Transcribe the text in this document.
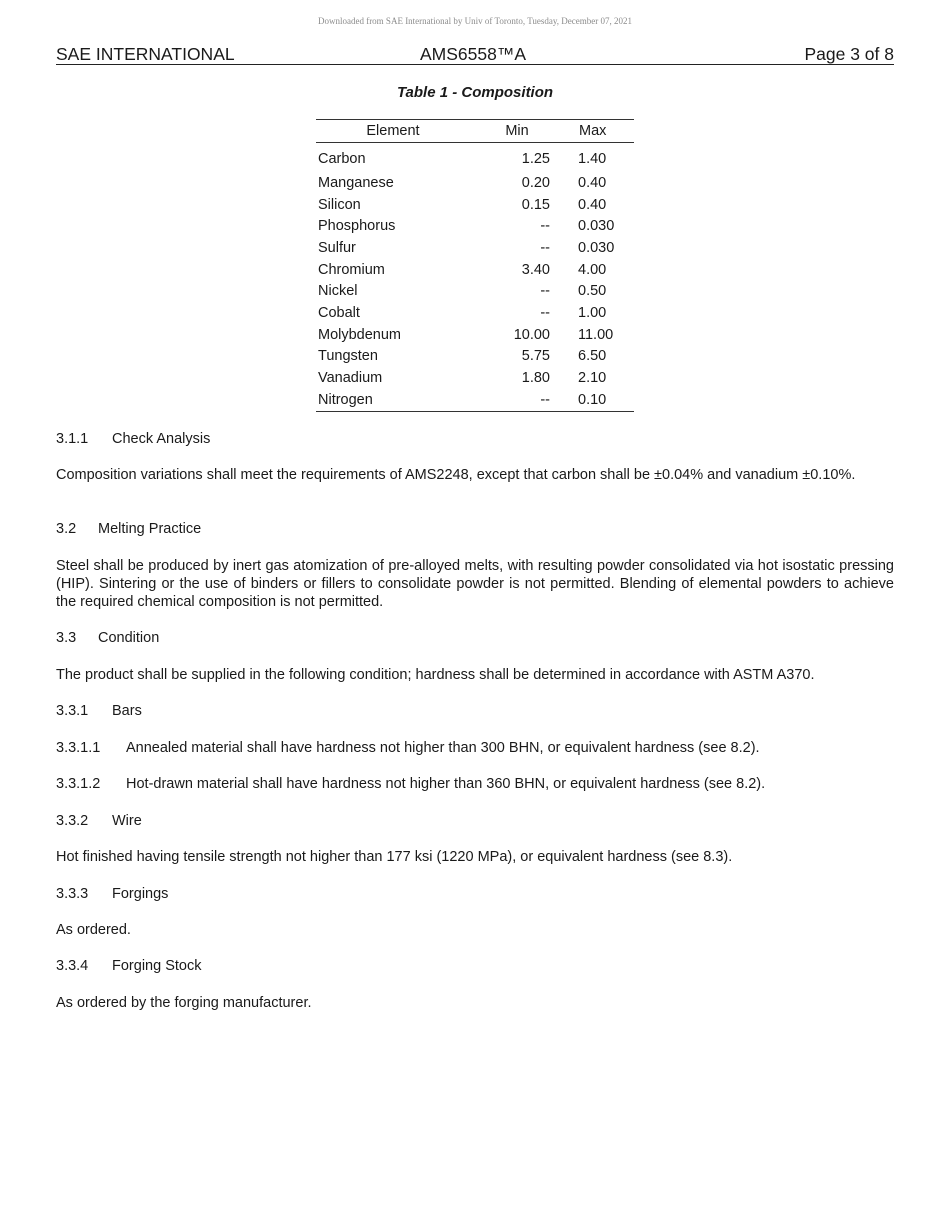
Downloaded from SAE International by Univ of Toronto, Tuesday, December 07, 2021
SAE INTERNATIONAL	AMS6558™A	Page 3 of 8
Table 1 - Composition
Element	Min	Max
Carbon	1.25	1.40
Manganese	0.20	0.40
Silicon	0.15	0.40
Phosphorus	--	0.030
Sulfur	--	0.030
Chromium	3.40	4.00
Nickel	--	0.50
Cobalt	--	1.00
Molybdenum	10.00	11.00
Tungsten	5.75	6.50
Vanadium	1.80	2.10
Nitrogen	--	0.10
3.1.1 Check Analysis
Composition variations shall meet the requirements of AMS2248, except that carbon shall be ±0.04% and vanadium ±0.10%.
3.2 Melting Practice
Steel shall be produced by inert gas atomization of pre-alloyed melts, with resulting powder consolidated via hot isostatic pressing (HIP). Sintering or the use of binders or fillers to consolidate powder is not permitted. Blending of elemental powders to achieve the required chemical composition is not permitted.
3.3 Condition
The product shall be supplied in the following condition; hardness shall be determined in accordance with ASTM A370.
3.3.1 Bars
3.3.1.1 Annealed material shall have hardness not higher than 300 BHN, or equivalent hardness (see 8.2).
3.3.1.2 Hot-drawn material shall have hardness not higher than 360 BHN, or equivalent hardness (see 8.2).
3.3.2 Wire
Hot finished having tensile strength not higher than 177 ksi (1220 MPa), or equivalent hardness (see 8.3).
3.3.3 Forgings
As ordered.
3.3.4 Forging Stock
As ordered by the forging manufacturer.
